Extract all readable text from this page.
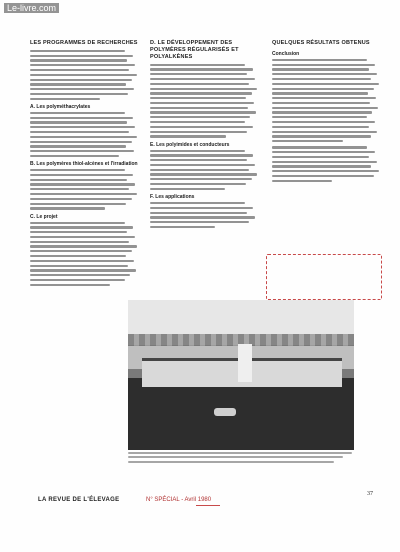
Le-livre.com
LES PROGRAMMES DE RECHERCHES
A. Les polyméthacrylates
B. Les polymères thiol-alcènes et l'irradiation
C. Le projet
D. LE DÉVELOPPEMENT DES POLYMÈRES RÉGULARISÉS ET POLYALKÈNES
E. Les polyimides et conducteurs
F. Les applications
QUELQUES RÉSULTATS OBTENUS
Conclusion
LA REVUE DE L'ÉLEVAGE	N° SPÉCIAL - Avril 1980
37
